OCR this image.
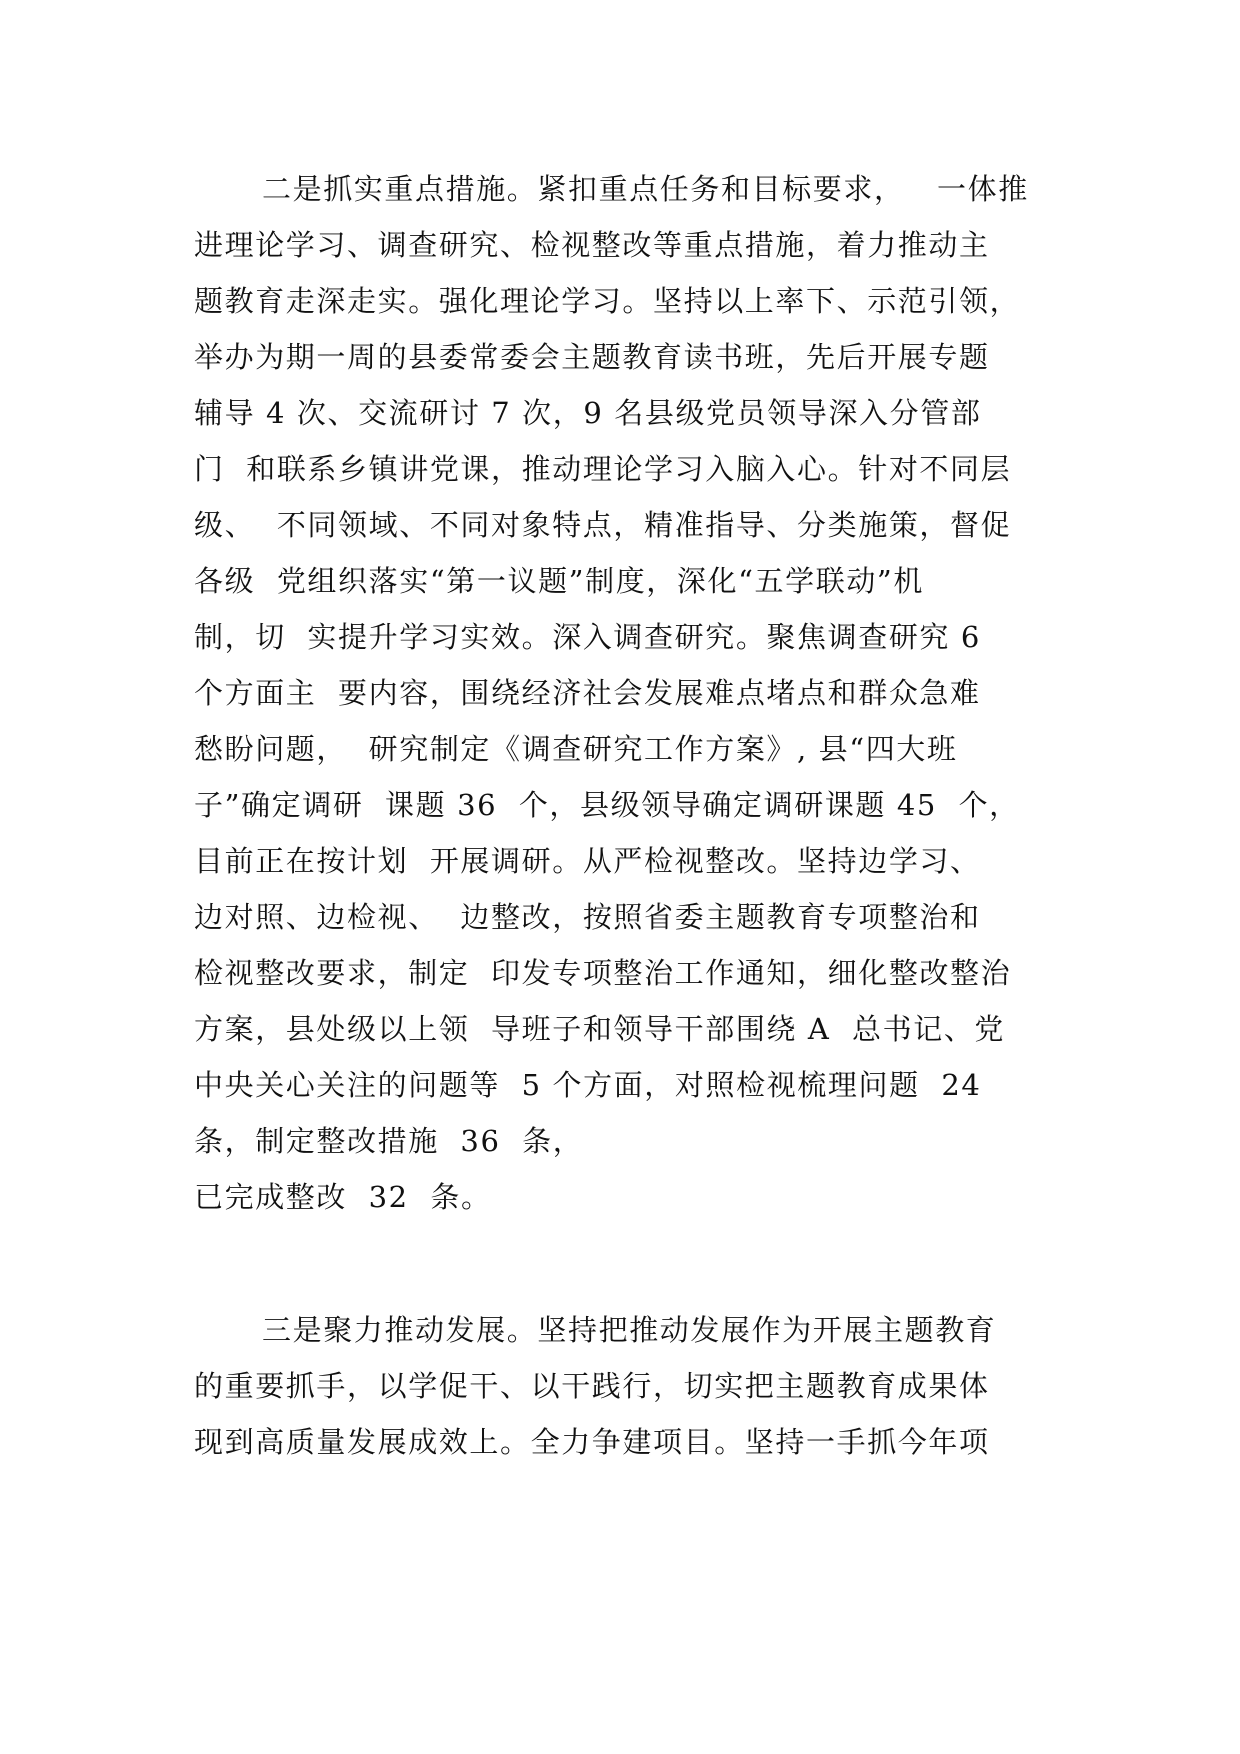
二是抓实重点措施。紧扣重点任务和目标要求，   一体推
进理论学习、调查研究、检视整改等重点措施，着力推动主
题教育走深走实。强化理论学习。坚持以上率下、示范引领，
举办为期一周的县委常委会主题教育读书班，先后开展专题
辅导 4 次、交流研讨 7 次，9 名县级党员领导深入分管部
门  和联系乡镇讲党课，推动理论学习入脑入心。针对不同层
级、  不同领域、不同对象特点，精准指导、分类施策，督促
各级  党组织落实“第一议题”制度，深化“五学联动”机
制，切  实提升学习实效。深入调查研究。聚焦调查研究 6
个方面主  要内容，围绕经济社会发展难点堵点和群众急难
愁盼问题，  研究制定《调查研究工作方案》, 县“四大班
子”确定调研  课题 36  个，县级领导确定调研课题 45  个，
目前正在按计划  开展调研。从严检视整改。坚持边学习、
边对照、边检视、  边整改，按照省委主题教育专项整治和
检视整改要求，制定  印发专项整治工作通知，细化整改整治
方案，县处级以上领  导班子和领导干部围绕 A  总书记、党
中央关心关注的问题等  5 个方面，对照检视梳理问题  24
条，制定整改措施  36  条，
已完成整改  32  条。
三是聚力推动发展。坚持把推动发展作为开展主题教育
的重要抓手，以学促干、以干践行，切实把主题教育成果体
现到高质量发展成效上。全力争建项目。坚持一手抓今年项
